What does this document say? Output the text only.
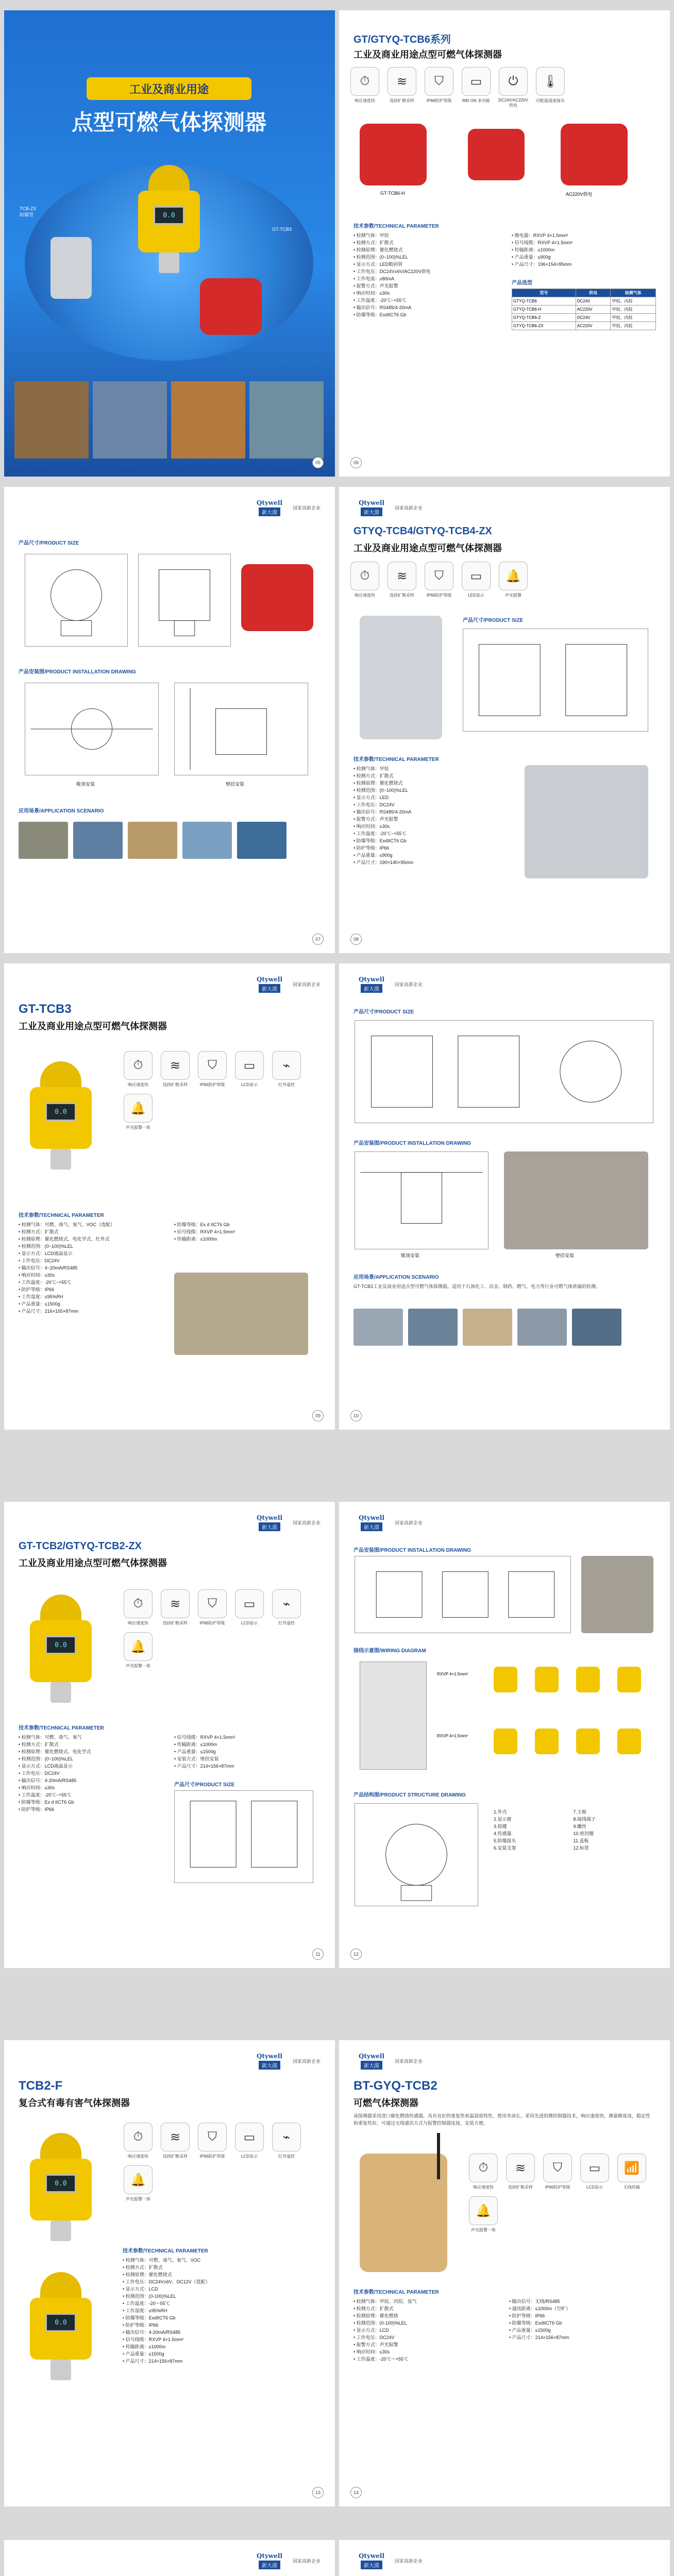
工业及商业用途
点型可燃气体探测器
0.0
TCB-ZX
防爆型
GT-TCB3
05
GT/GTYQ-TCB6系列
工业及商业用途点型可燃气体探测器
⏱
响应速度快
≋
选择扩散采样
⛉
IP66防护等级
▭
RBI ON 多功能
⏻
DC24V/AC220V供电
🌡
可配温湿度探头
GT-TCB6-H	AC220V供电
技术参数/TECHNICAL PARAMETER
• 检测气体：甲烷
• 检测方式：扩散式
• 检测原理：催化燃烧式
• 检测范围：(0~100)%LEL
• 显示方式：LED数码管
• 工作电压：DC24V±6V/AC220V供电
• 工作电流：≤80mA
• 报警方式：声光报警
• 响应时间：≤30s
• 工作温度：-20℃~+55℃
• 输出信号：RS485/4-20mA
• 防爆等级：ExdIICT6 Gb
• 继电器：RXVP 4×1.5mm²
• 信号线缆：RXVP 4×1.5mm²
• 传输距离：≤1000m
• 产品重量：≤900g
• 产品尺寸：196×154×95mm
产品选型
型号	供电	检测气体
GTYQ-TCB6	DC24V	甲烷、丙烷
GTYQ-TCB6-H	AC220V	甲烷、丙烷
GTYQ-TCB6-Z	DC24V	甲烷、丙烷
GTYQ-TCB6-ZX	AC220V	甲烷、丙烷
06
Qtywell
新大漠
国家高新企业
产品尺寸/PRODUCT SIZE
产品安装图/PRODUCT INSTALLATION DRAWING
吸顶安装	壁挂安装
应用场景/APPLICATION SCENARIO
07
Qtywell
新大漠
国家高新企业
GTYQ-TCB4/GTYQ-TCB4-ZX
工业及商业用途点型可燃气体探测器
⏱
响应速度快
≋
选择扩散采样
⛉
IP66防护等级
▭
LED显示
🔔
声光报警
产品尺寸/PRODUCT SIZE
技术参数/TECHNICAL PARAMETER
• 检测气体：甲烷
• 检测方式：扩散式
• 检测原理：催化燃烧式
• 检测范围：(0~100)%LEL
• 显示方式：LED
• 工作电压：DC24V
• 输出信号：RS485/4-20mA
• 报警方式：声光报警
• 响应时间：≤30s
• 工作温度：-20℃~+55℃
• 防爆等级：ExdIICT6 Gb
• 防护等级：IP66
• 产品重量：≤900g
• 产品尺寸：190×140×95mm
08
Qtywell
新大漠
国家高新企业
GT-TCB3
工业及商业用途点型可燃气体探测器
0.0
⏱
响应速度快
≋
选择扩散采样
⛉
IP66防护等级
▭
LCD显示
⌁
红外遥控
🔔
声光报警一体
技术参数/TECHNICAL PARAMETER
• 检测气体：可燃、毒气、氧气、VOC（选配）
• 检测方式：扩散式
• 检测原理：催化燃烧式、电化学式、红外式
• 检测范围：(0~100)%LEL
• 显示方式：LCD液晶显示
• 工作电压：DC24V
• 输出信号：4~20mA/RS485
• 响应时间：≤30s
• 工作温度：-20℃~+55℃
• 防护等级：IP66
• 工作湿度：≤95%RH
• 产品重量：≤1500g
• 产品尺寸：216×155×87mm
• 防爆等级：Ex d IICT6 Gb
• 信号线缆：RXVP 4×1.5mm²
• 传输距离：≤1000m
09
Qtywell
新大漠
国家高新企业
产品尺寸/PRODUCT SIZE
产品安装图/PRODUCT INSTALLATION DRAWING
吸顶安装	壁挂安装
应用场景/APPLICATION SCENARIO
GT-TCB3工业及商业用途点型可燃气体探测器，适用于石油化工、冶金、制药、燃气、电力等行业可燃气体泄漏的检测。
10
Qtywell
新大漠
国家高新企业
GT-TCB2/GTYQ-TCB2-ZX
工业及商业用途点型可燃气体探测器
0.0
⏱
响应速度快
≋
选择扩散采样
⛉
IP66防护等级
▭
LCD显示
⌁
红外遥控
🔔
声光报警一体
技术参数/TECHNICAL PARAMETER
• 检测气体：可燃、毒气、氧气
• 检测方式：扩散式
• 检测原理：催化燃烧式、电化学式
• 检测范围：(0~100)%LEL
• 显示方式：LCD液晶显示
• 工作电压：DC24V
• 输出信号：4-20mA/RS485
• 响应时间：≤30s
• 工作温度：-20℃~+55℃
• 防爆等级：Ex d IICT6 Gb
• 防护等级：IP66
• 信号线缆：RXVP 4×1.5mm²
• 传输距离：≤1000m
• 产品重量：≤1500g
• 安装方式：壁挂安装
• 产品尺寸：214×156×87mm
产品尺寸/PRODUCT SIZE
11
Qtywell
新大漠
国家高新企业
产品安装图/PRODUCT INSTALLATION DRAWING
接线示意图/WIRING DIAGRAM
RXVP 4×1.5mm²
RXVP 4×1.5mm²
产品结构图/PRODUCT STRUCTURE DRAWING
1.外壳
2.显示窗
3.按键
4.传感器
5.防爆接头
6.安装支架
7.主板
8.接线端子
9.螺丝
10.密封圈
11.盖板
12.标签
12
Qtywell
新大漠
国家高新企业
TCB2-F
复合式有毒有害气体探测器
0.0
0.0
⏱
响应速度快
≋
选择扩散采样
⛉
IP66防护等级
▭
LCD显示
⌁
红外遥控
🔔
声光报警一体
技术参数/TECHNICAL PARAMETER
• 检测气体：可燃、毒气、氧气、VOC
• 检测方式：扩散式
• 检测原理：催化燃烧式
• 工作电压：DC24V±6V、DC12V（选配）
• 显示方式：LCD
• 检测范围：(0-100)%LEL
• 工作温度：-20～55℃
• 工作湿度：≤95%RH
• 防爆等级：ExdIICT6 Gb
• 防护等级：IP66
• 输出信号：4-20mA/RS485
• 信号线缆：RXVP 4×1.5mm²
• 传输距离：≤1000m
• 产品重量：≤1500g
• 产品尺寸：214×156×87mm
13
Qtywell
新大漠
国家高新企业
BT-GYQ-TCB2
可燃气体探测器
该探测器采用进口催化燃烧传感器，具有良好的重复性和温湿度特性，使用寿命长。采用先进的微控制器技术，响应速度快，测量精度高，稳定性和重复性好，可通过无线通讯方式与报警控制器连接，安装方便。
⏱
响应速度快
≋
选择扩散采样
⛉
IP66防护等级
▭
LCD显示
📶
无线传输
🔔
声光报警一体
技术参数/TECHNICAL PARAMETER
• 检测气体：甲烷、丙烷、氢气
• 检测方式：扩散式
• 检测原理：催化燃烧
• 检测范围：(0-100)%LEL
• 显示方式：LCD
• 工作电压：DC24V
• 报警方式：声光报警
• 响应时间：≤30s
• 工作温度：-20℃～+55℃
• 输出信号：无线/RS485
• 通讯距离：≤1000m（空旷）
• 防护等级：IP66
• 防爆等级：ExdIICT6 Gb
• 产品重量：≤1500g
• 产品尺寸：214×156×87mm
14
Qtywell
新大漠
国家高新企业

Qtywell
新大漠
国家高新企业
